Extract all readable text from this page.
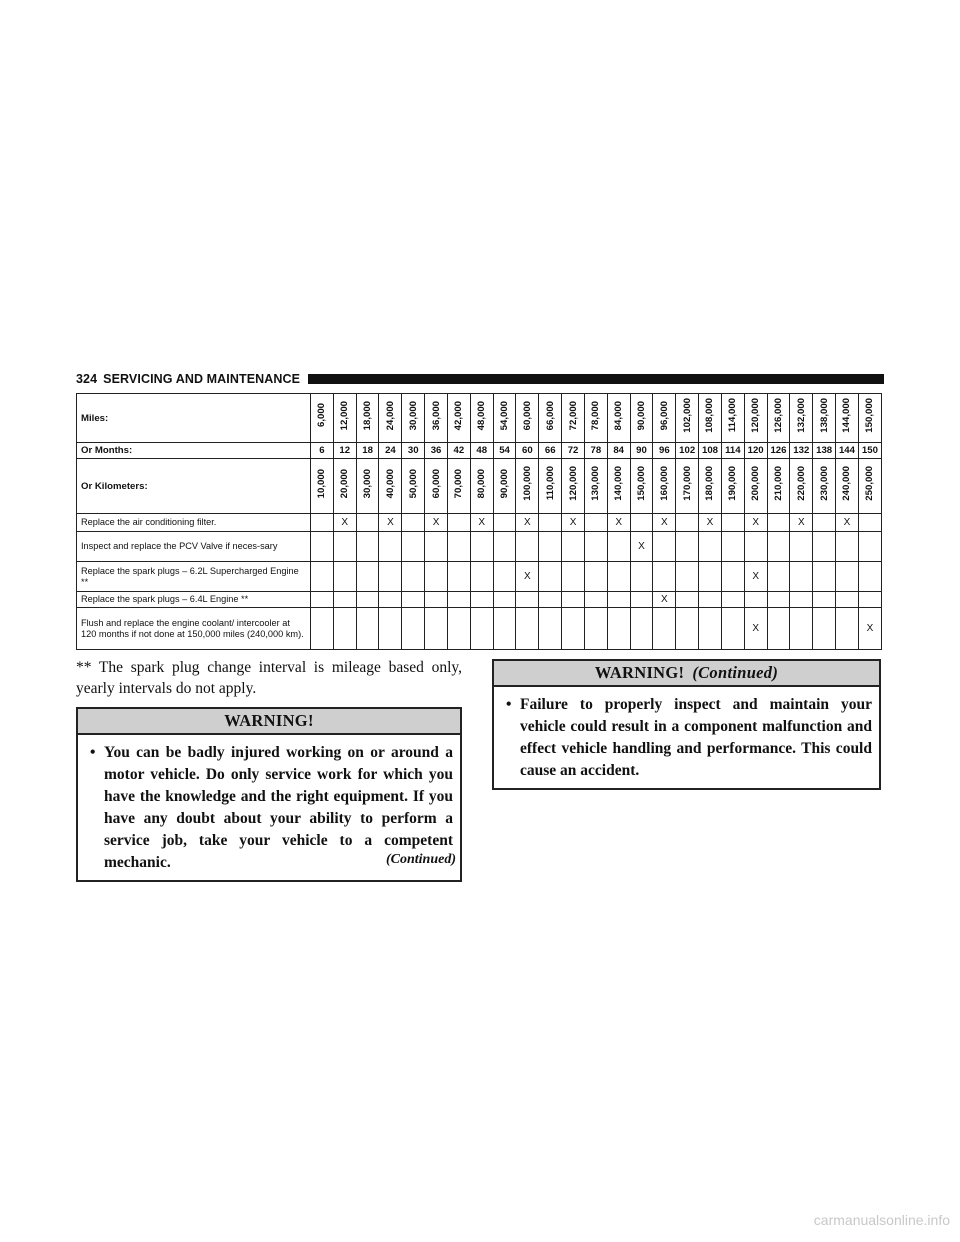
324 SERVICING AND MAINTENANCE
Miles:	6,000	12,000	18,000	24,000	30,000	36,000	42,000	48,000	54,000	60,000	66,000	72,000	78,000	84,000	90,000	96,000	102,000	108,000	114,000	120,000	126,000	132,000	138,000	144,000	150,000
Or Months:	6	12	18	24	30	36	42	48	54	60	66	72	78	84	90	96	102	108	114	120	126	132	138	144	150
Or Kilometers:	10,000	20,000	30,000	40,000	50,000	60,000	70,000	80,000	90,000	100,000	110,000	120,000	130,000	140,000	150,000	160,000	170,000	180,000	190,000	200,000	210,000	220,000	230,000	240,000	250,000
Replace the air conditioning filter.		X		X		X		X		X		X		X		X		X		X		X		X	
Inspect and replace the PCV Valve if neces-sary															X										
Replace the spark plugs – 6.2L Supercharged Engine **										X										X					
Replace the spark plugs – 6.4L Engine **																X									
Flush and replace the engine coolant/ intercooler at 120 months if not done at 150,000 miles (240,000 km).																				X					X
** The spark plug change interval is mileage based only, yearly intervals do not apply.
WARNING!
• You can be badly injured working on or around a motor vehicle. Do only service work for which you have the knowledge and the right equipment. If you have any doubt about your ability to perform a service job, take your vehicle to a competent mechanic.	(Continued)
WARNING! (Continued)
• Failure to properly inspect and maintain your vehicle could result in a component malfunction and effect vehicle handling and performance. This could cause an accident.
carmanualsonline.info
